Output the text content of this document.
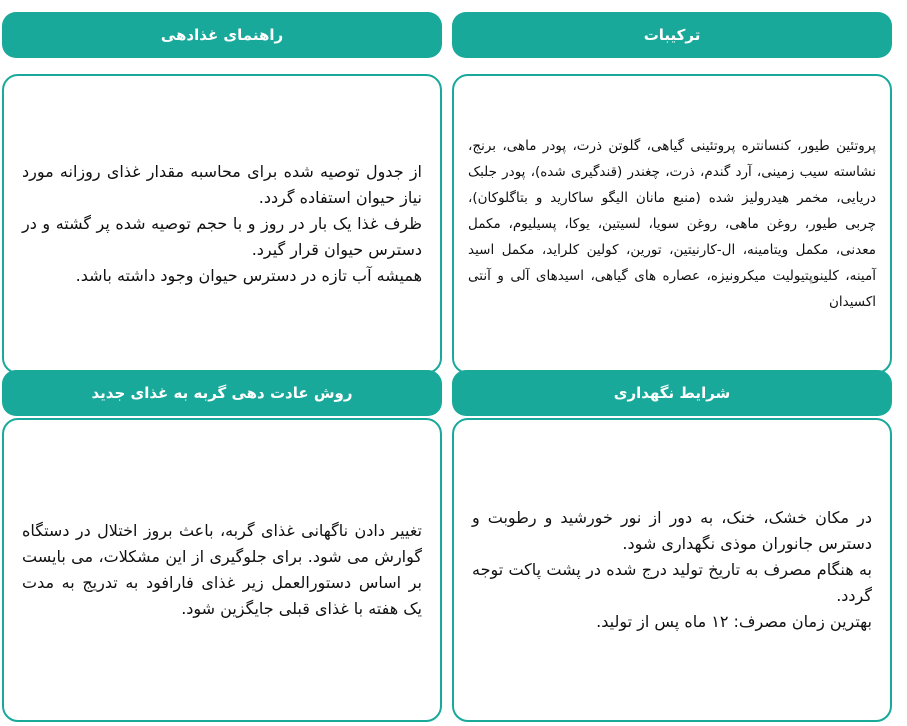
ترکیبات

پروتئین طیور، کنسانتره پروتئینی گیاهی، گلوتن ذرت، پودر ماهی، برنج، نشاسته سیب زمینی، آرد گندم، ذرت، چغندر (قندگیری شده)، پودر جلبک دریایی، مخمر هیدرولیز شده (منبع مانان الیگو ساکارید و بتاگلوکان)، چربی طیور، روغن ماهی، روغن سویا، لسیتین، یوکا، پسیلیوم، مکمل معدنی، مکمل ویتامینه، ال-کارنیتین، تورین، کولین کلراید، مکمل اسید آمینه، کلینوپتیولیت میکرونیزه، عصاره های گیاهی، اسیدهای آلی و آنتی اکسیدان

راهنمای غذادهی

از جدول توصیه شده برای محاسبه مقدار غذای روزانه مورد نیاز حیوان استفاده گردد.

ظرف غذا یک بار در روز و با حجم توصیه شده پر گشته و در دسترس حیوان قرار گیرد.

همیشه آب تازه در دسترس حیوان وجود داشته باشد.

شرایط نگهداری

در مکان خشک، خنک، به دور از نور خورشید و رطوبت و دسترس جانوران موذی نگهداری شود.

به هنگام مصرف به تاریخ تولید درج شده در پشت پاکت توجه گردد.

بهترین زمان مصرف: ۱۲ ماه پس از تولید.

روش عادت دهی گربه به غذای جدید

تغییر دادن ناگهانی غذای گربه، باعث بروز اختلال در دستگاه گوارش می شود. برای جلوگیری از این مشکلات، می بایست بر اساس دستورالعمل زیر غذای فارافود به تدریج به مدت یک هفته با غذای قبلی جایگزین شود.
